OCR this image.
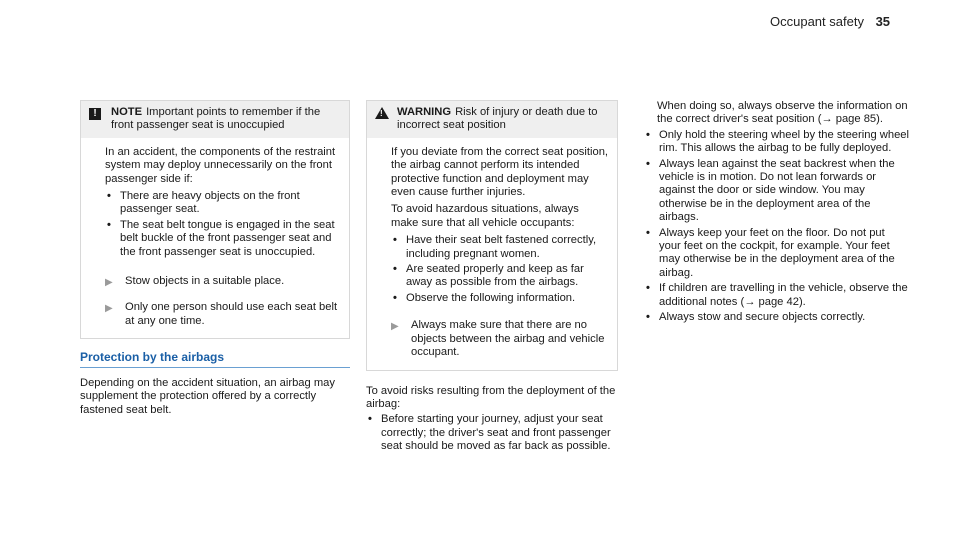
Occupant safety 35
!	NOTE Important points to remember if the front passenger seat is unoccupied

In an accident, the components of the restraint system may deploy unnecessarily on the front passenger side if:

• There are heavy objects on the front passenger seat.
• The seat belt tongue is engaged in the seat belt buckle of the front passenger seat and the front passenger seat is unoccupied.
▶	Stow objects in a suitable place.
▶	Only one person should use each seat belt at any one time.
Protection by the airbags

Depending on the accident situation, an airbag may supplement the protection offered by a correctly fastened seat belt.

! WARNING Risk of injury or death due to incorrect seat position

If you deviate from the correct seat position, the airbag cannot perform its intended protective function and deployment may even cause further injuries.

To avoid hazardous situations, always make sure that all vehicle occupants:

• Have their seat belt fastened correctly, including pregnant women.
• Are seated properly and keep as far away as possible from the airbags.
• Observe the following information.
▶	Always make sure that there are no objects between the airbag and vehicle occupant.

To avoid risks resulting from the deployment of the airbag:

• Before starting your journey, adjust your seat correctly; the driver's seat and front passenger seat should be moved as far back as possible.

When doing so, always observe the information on the correct driver's seat position (→ page 85).

• Only hold the steering wheel by the steering wheel rim. This allows the airbag to be fully deployed.
• Always lean against the seat backrest when the vehicle is in motion. Do not lean forwards or against the door or side window. You may otherwise be in the deployment area of the airbags.
• Always keep your feet on the floor. Do not put your feet on the cockpit, for example. Your feet may otherwise be in the deployment area of the airbag.
• If children are travelling in the vehicle, observe the additional notes (→ page 42).
• Always stow and secure objects correctly.
